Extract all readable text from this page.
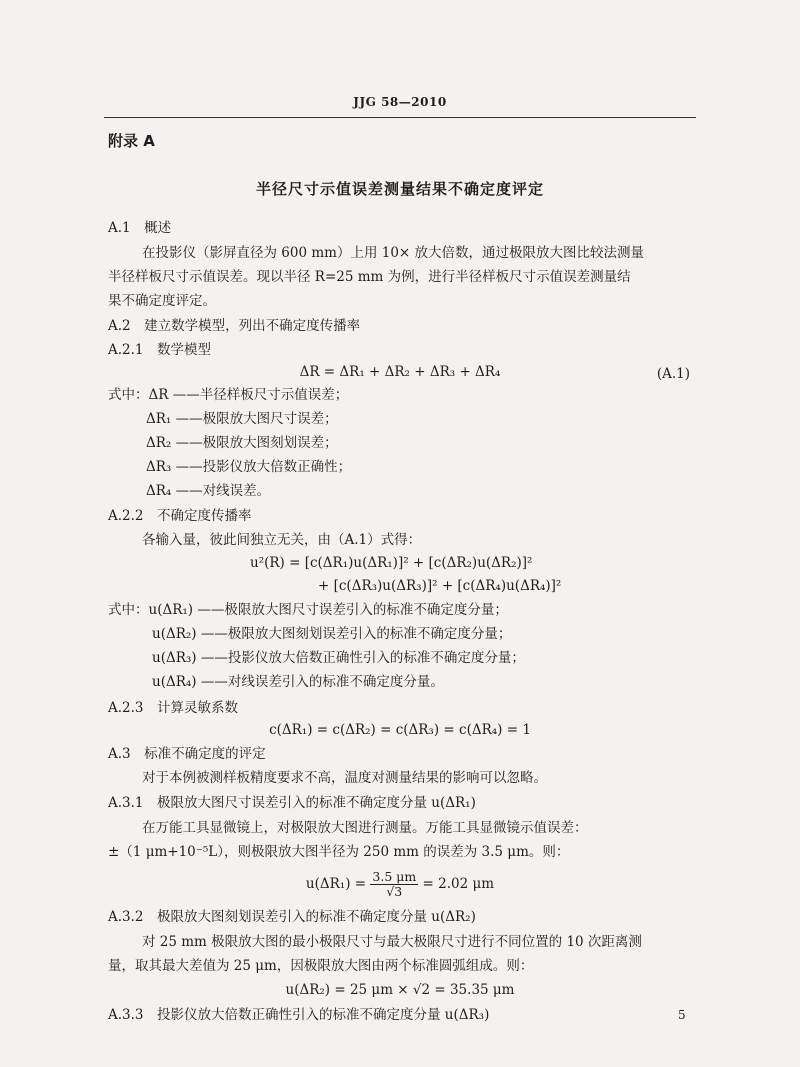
JJG 58—2010
附录 A
半径尺寸示值误差测量结果不确定度评定
A.1　概述
在投影仪（影屏直径为 600 mm）上用 10× 放大倍数，通过极限放大图比较法测量
半径样板尺寸示值误差。现以半径 R=25 mm 为例，进行半径样板尺寸示值误差测量结
果不确定度评定。
A.2　建立数学模型，列出不确定度传播率
A.2.1　数学模型
ΔR = ΔR₁ + ΔR₂ + ΔR₃ + ΔR₄	(A.1)
式中：ΔR ——半径样板尺寸示值误差；
ΔR₁ ——极限放大图尺寸误差；
ΔR₂ ——极限放大图刻划误差；
ΔR₃ ——投影仪放大倍数正确性；
ΔR₄ ——对线误差。
A.2.2　不确定度传播率
各输入量，彼此间独立无关，由（A.1）式得：
u²(R) = [c(ΔR₁)u(ΔR₁)]² + [c(ΔR₂)u(ΔR₂)]²
+ [c(ΔR₃)u(ΔR₃)]² + [c(ΔR₄)u(ΔR₄)]²
式中：u(ΔR₁) ——极限放大图尺寸误差引入的标准不确定度分量；
u(ΔR₂) ——极限放大图刻划误差引入的标准不确定度分量；
u(ΔR₃) ——投影仪放大倍数正确性引入的标准不确定度分量；
u(ΔR₄) ——对线误差引入的标准不确定度分量。
A.2.3　计算灵敏系数
c(ΔR₁) = c(ΔR₂) = c(ΔR₃) = c(ΔR₄) = 1
A.3　标准不确定度的评定
对于本例被测样板精度要求不高，温度对测量结果的影响可以忽略。
A.3.1　极限放大图尺寸误差引入的标准不确定度分量 u(ΔR₁)
在万能工具显微镜上，对极限放大图进行测量。万能工具显微镜示值误差：
±（1 μm+10⁻⁵L），则极限放大图半径为 250 mm 的误差为 3.5 μm。则：
$u(\Delta R_1) = \frac{3.5 \mu m}{√3} = 2.02$ μm
A.3.2　极限放大图刻划误差引入的标准不确定度分量 u(ΔR₂)
对 25 mm 极限放大图的最小极限尺寸与最大极限尺寸进行不同位置的 10 次距离测
量，取其最大差值为 25 μm，因极限放大图由两个标准圆弧组成。则：
u(ΔR₂) = 25 μm × √2 = 35.35 μm
A.3.3　投影仪放大倍数正确性引入的标准不确定度分量 u(ΔR₃)	5
